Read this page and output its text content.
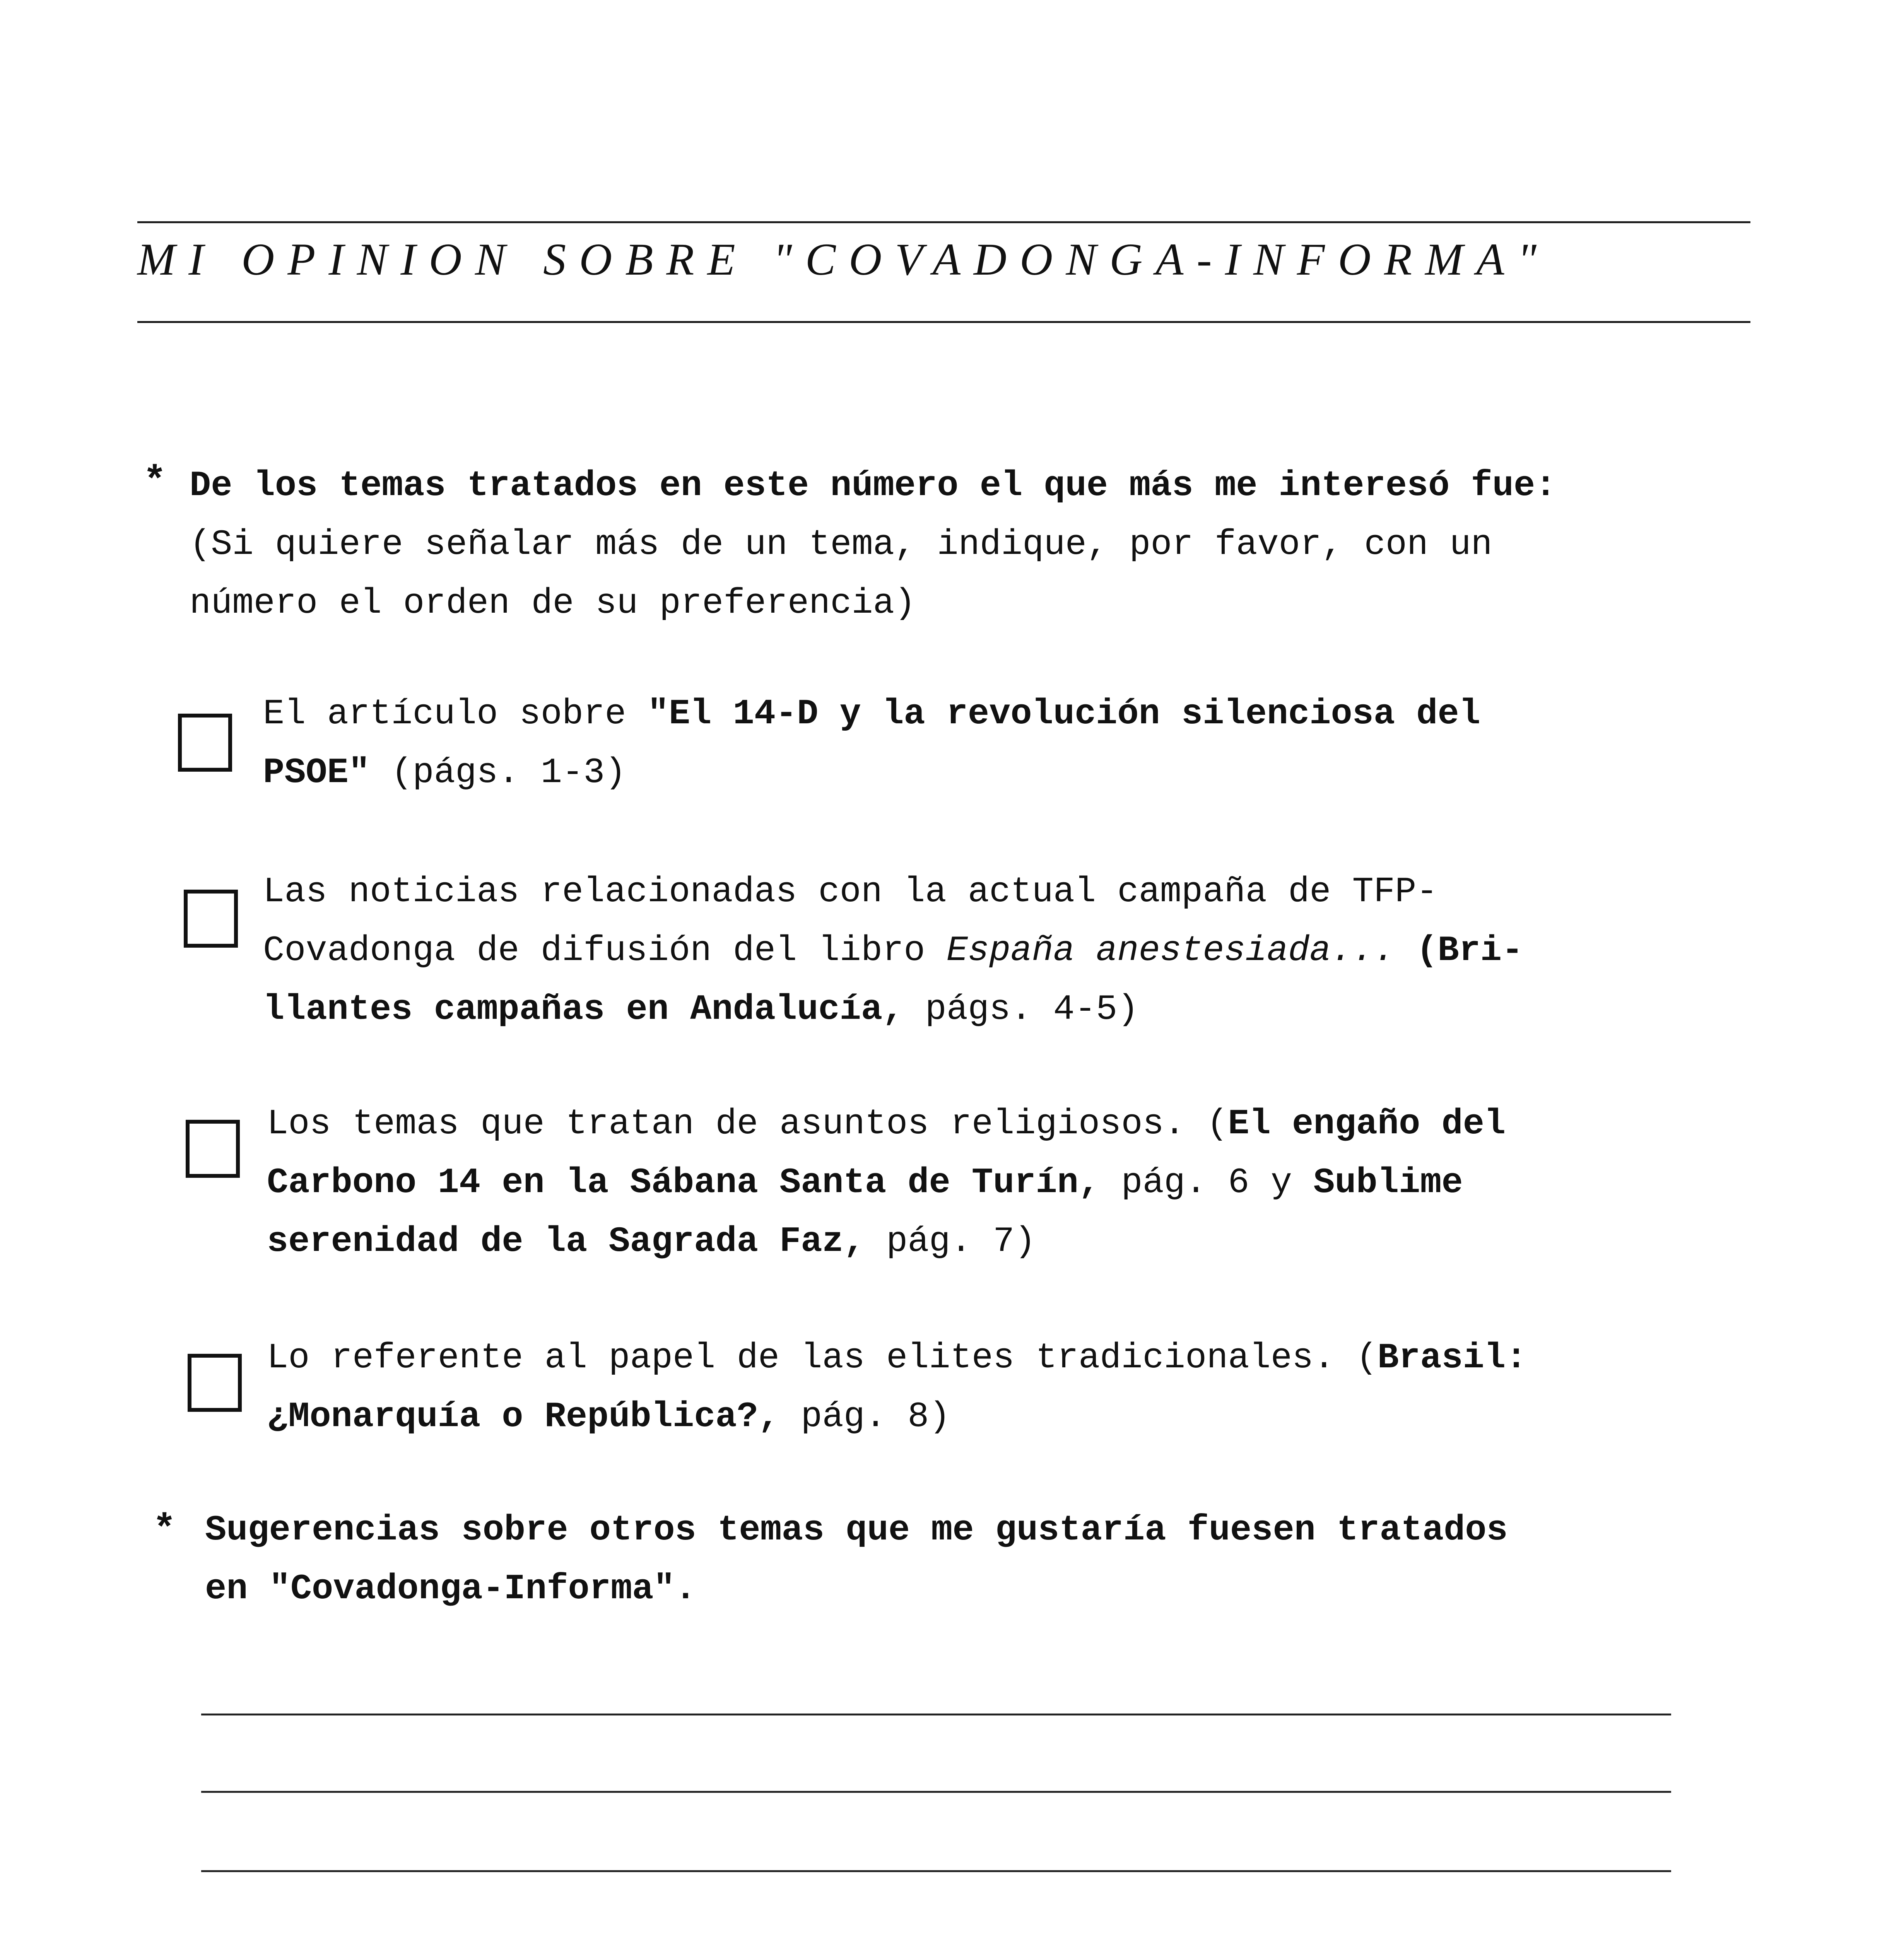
MI OPINION SOBRE "COVADONGA-INFORMA"
* De los temas tratados en este número el que más me interesó fue:
(Si quiere señalar más de un tema, indique, por favor, con un
número el orden de su preferencia)
El artículo sobre "El 14-D y la revolución silenciosa del
PSOE" (págs. 1-3)
Las noticias relacionadas con la actual campaña de TFP-
Covadonga de difusión del libro España anestesiada... (Bri-
llantes campañas en Andalucía, págs. 4-5)
Los temas que tratan de asuntos religiosos. (El engaño del
Carbono 14 en la Sábana Santa de Turín, pág. 6 y Sublime
serenidad de la Sagrada Faz, pág. 7)
Lo referente al papel de las elites tradicionales. (Brasil:
¿Monarquía o República?, pág. 8)
* Sugerencias sobre otros temas que me gustaría fuesen tratados
en "Covadonga-Informa".
